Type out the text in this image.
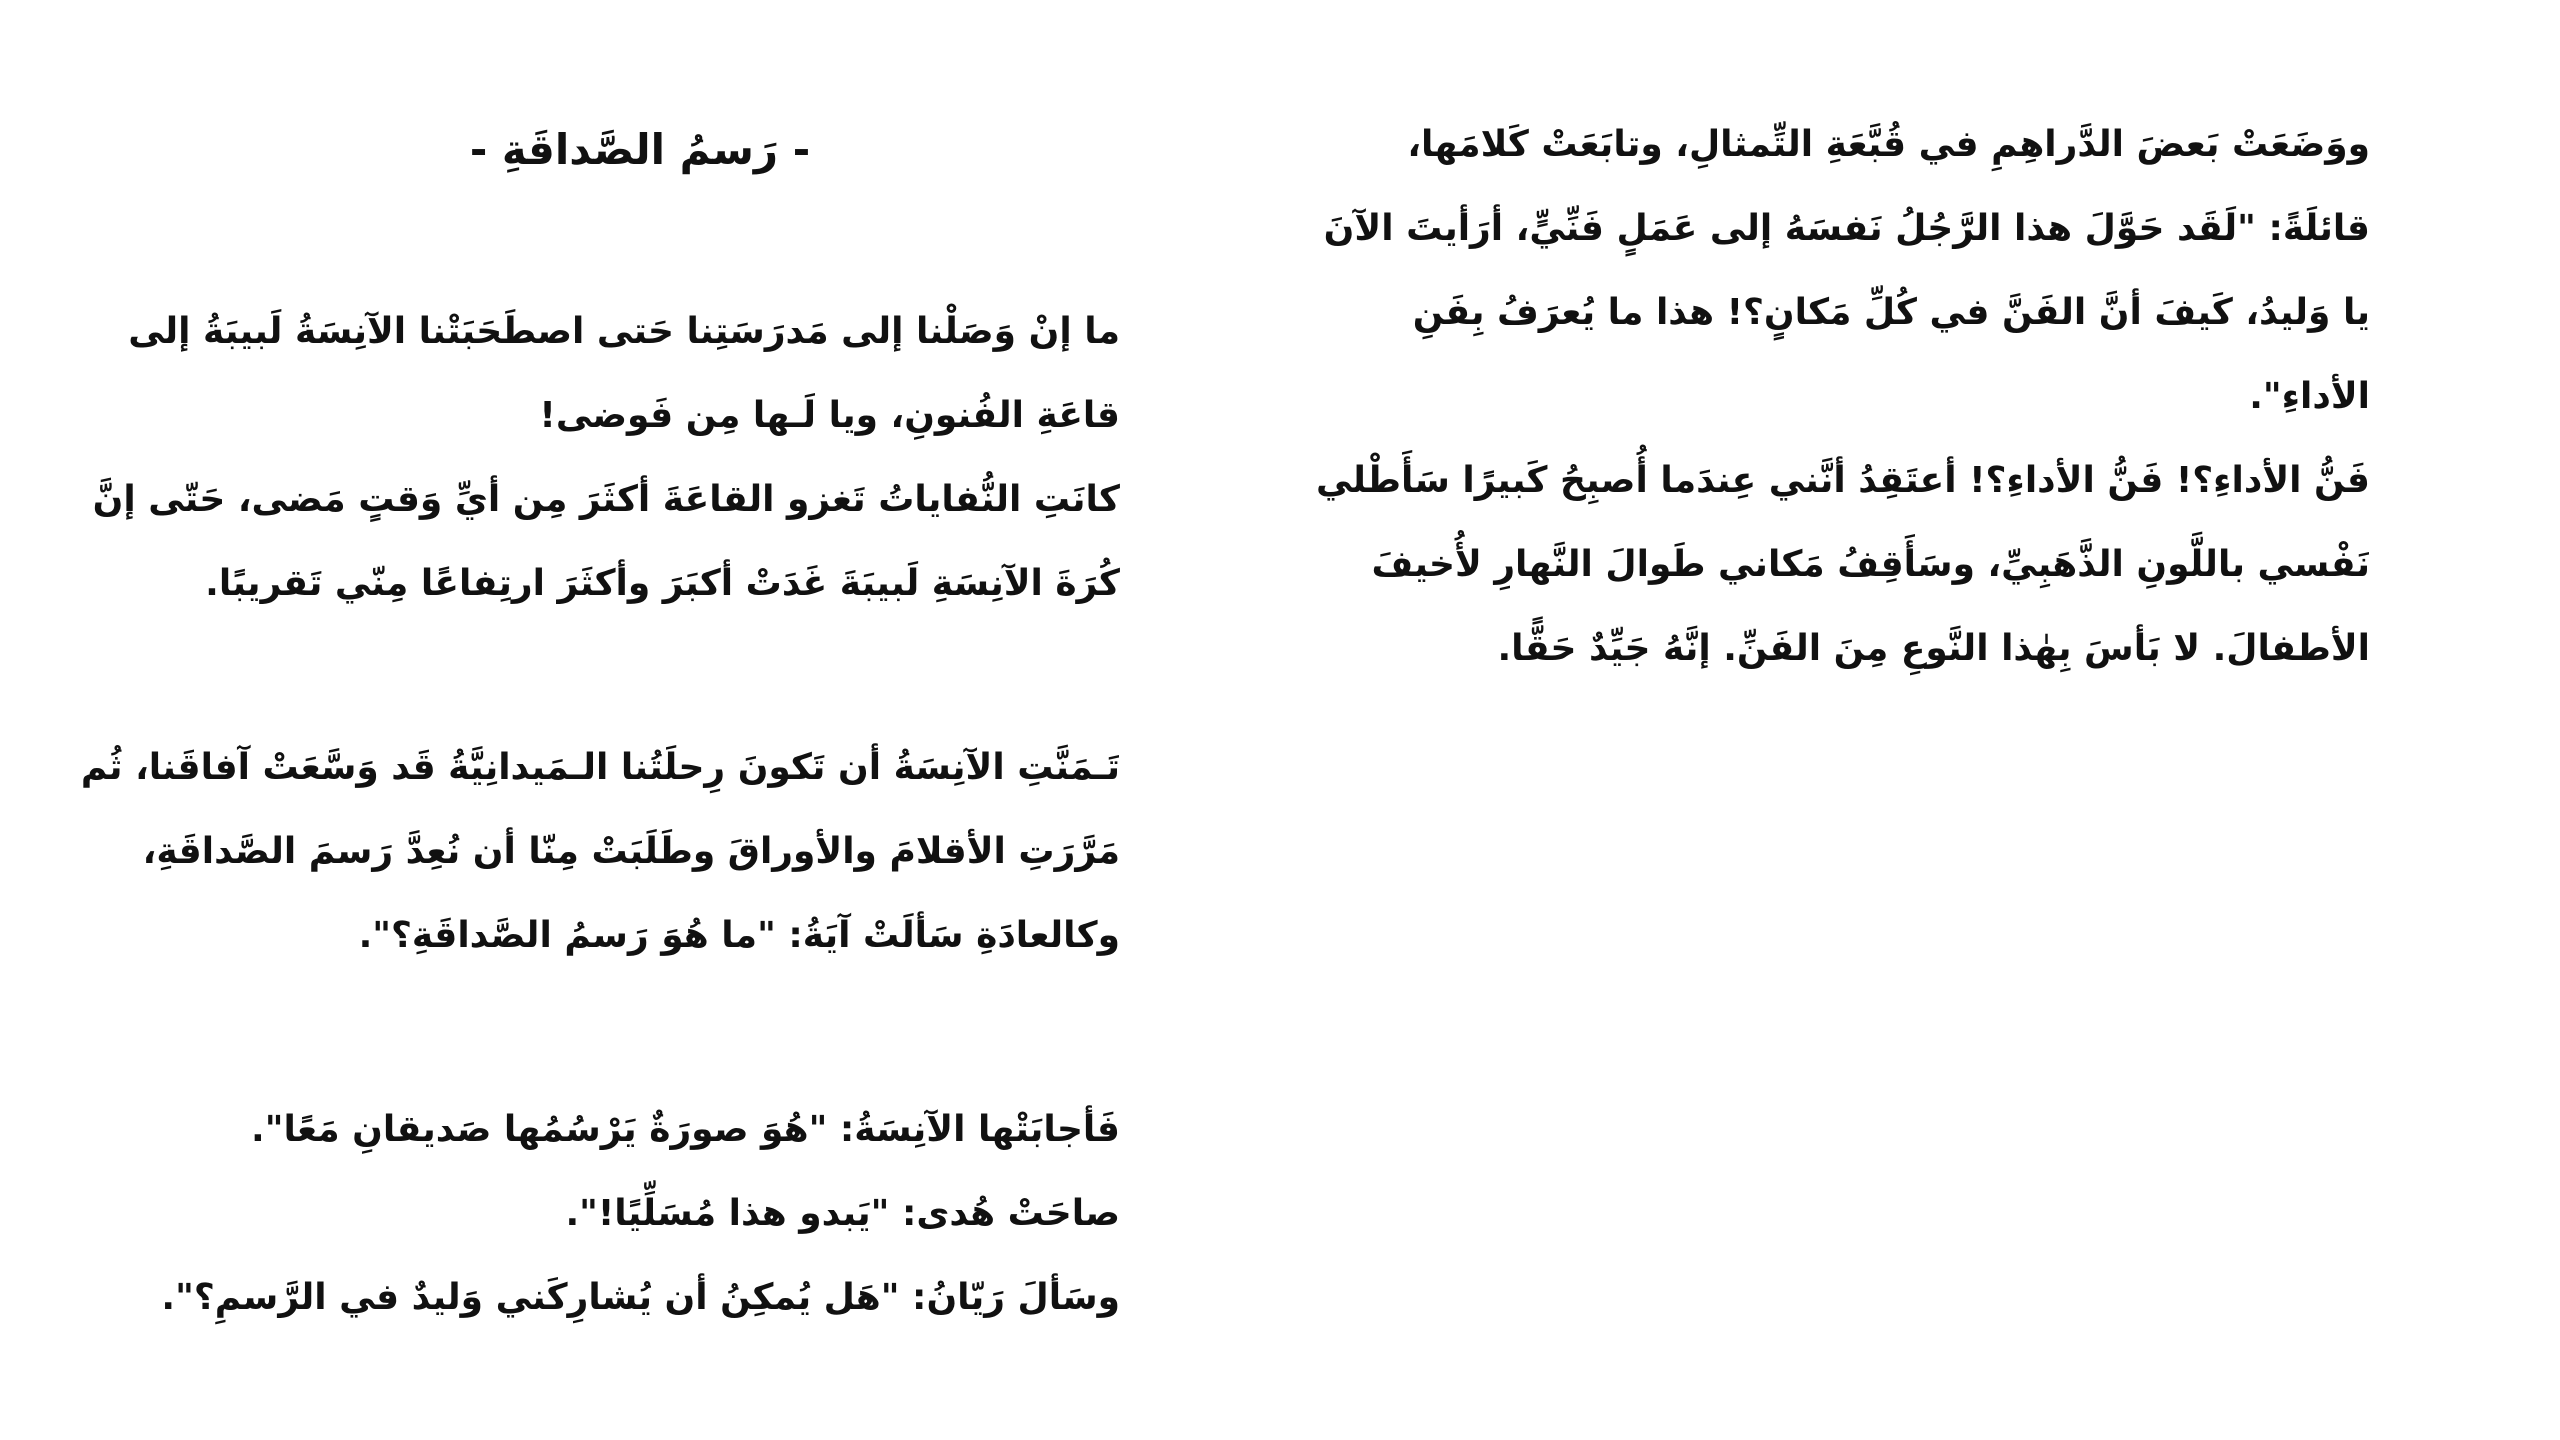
- رَسمُ الصَّداقَةِ -
ما إنْ وَصَلْنا إلى مَدرَسَتِنا حَتى اصطَحَبَتْنا الآنِسَةُ لَبيبَةُ إلى
قاعَةِ الفُنونِ، ويا لَـها مِن فَوضى!
كانَتِ النُّفاياتُ تَغزو القاعَةَ أكثَرَ مِن أيِّ وَقتٍ مَضى، حَتّى إنَّ
كُرَةَ الآنِسَةِ لَبيبَةَ غَدَتْ أكبَرَ وأكثَرَ ارتِفاعًا مِنّي تَقريبًا.
تَـمَنَّتِ الآنِسَةُ أن تَكونَ رِحلَتُنا الـمَيدانِيَّةُ قَد وَسَّعَتْ آفاقَنا، ثُم
مَرَّرَتِ الأقلامَ والأوراقَ وطَلَبَتْ مِنّا أن نُعِدَّ رَسمَ الصَّداقَةِ،
وكالعادَةِ سَألَتْ آيَةُ: "ما هُوَ رَسمُ الصَّداقَةِ؟".
فَأجابَتْها الآنِسَةُ: "هُوَ صورَةٌ يَرْسُمُها صَديقانِ مَعًا".
صاحَتْ هُدى: "يَبدو هذا مُسَلِّيًا!".
وسَألَ رَيّانُ: "هَل يُمكِنُ أن يُشارِكَني وَليدٌ في الرَّسمِ؟".
ووَضَعَتْ بَعضَ الدَّراهِمِ في قُبَّعَةِ التِّمثالِ، وتابَعَتْ كَلامَها،
قائلَةً: "لَقَد حَوَّلَ هذا الرَّجُلُ نَفسَهُ إلى عَمَلٍ فَنِّيٍّ، أرَأيتَ الآنَ
يا وَليدُ، كَيفَ أنَّ الفَنَّ في كُلِّ مَكانٍ؟! هذا ما يُعرَفُ بِفَنِ
الأداءِ".
فَنُّ الأداءِ؟! فَنُّ الأداءِ؟! أعتَقِدُ أنَّني عِندَما أُصبِحُ كَبيرًا سَأَطْلي
نَفْسي باللَّونِ الذَّهَبِيِّ، وسَأَقِفُ مَكاني طَوالَ النَّهارِ لأُخيفَ
الأطفالَ. لا بَأسَ بِهٰذا النَّوعِ مِنَ الفَنِّ. إنَّهُ جَيِّدٌ حَقًّا.
